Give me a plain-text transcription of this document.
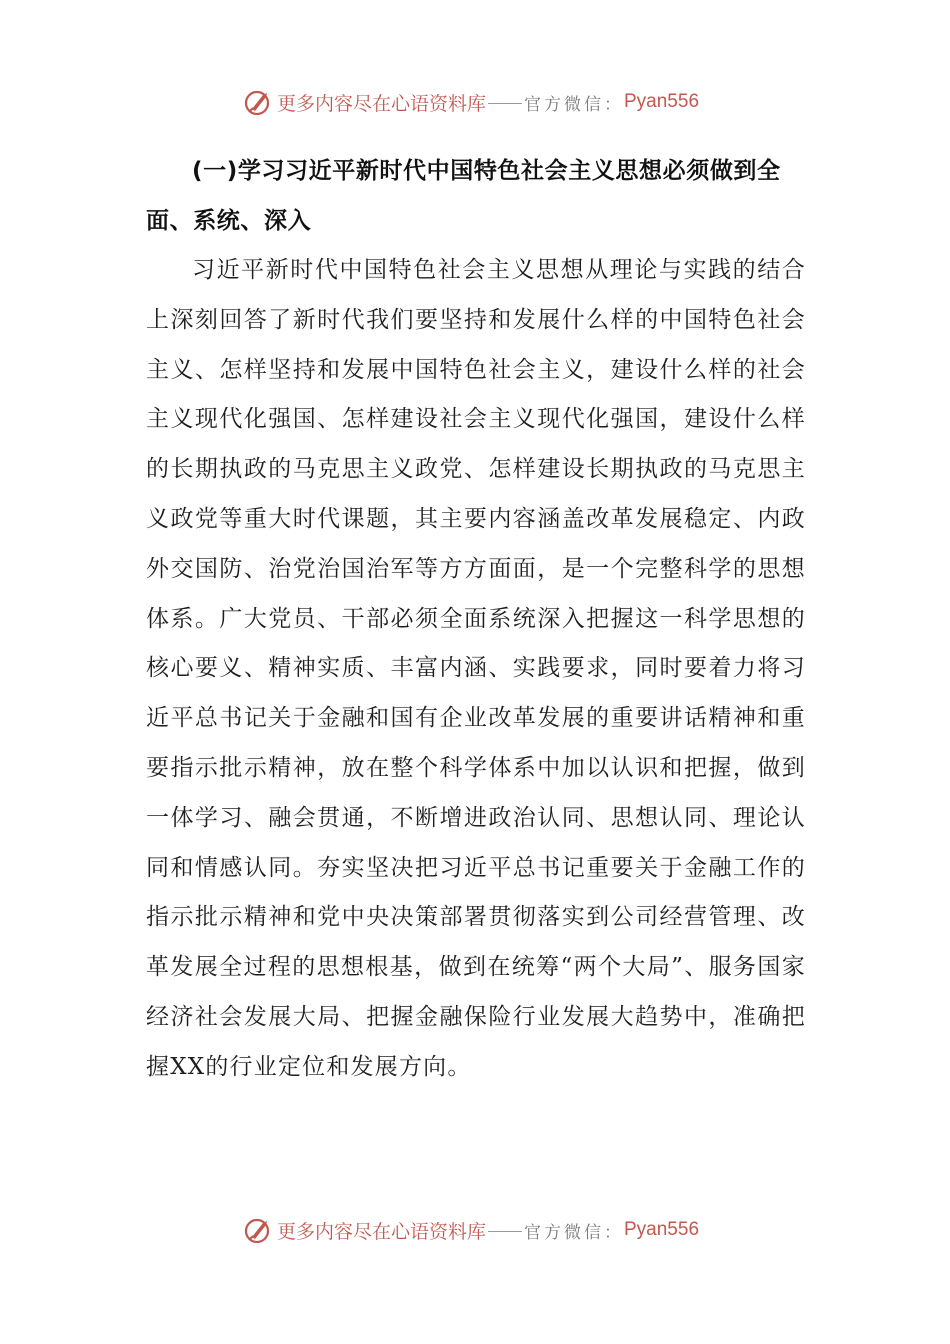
更多内容尽在心语资料库 官方微信： Pyan556

(一)学习习近平新时代中国特色社会主义思想必须做到全面、系统、深入

习近平新时代中国特色社会主义思想从理论与实践的结合上深刻回答了新时代我们要坚持和发展什么样的中国特色社会主义、怎样坚持和发展中国特色社会主义，建设什么样的社会主义现代化强国、怎样建设社会主义现代化强国，建设什么样的长期执政的马克思主义政党、怎样建设长期执政的马克思主义政党等重大时代课题，其主要内容涵盖改革发展稳定、内政外交国防、治党治国治军等方方面面，是一个完整科学的思想体系。广大党员、干部必须全面系统深入把握这一科学思想的核心要义、精神实质、丰富内涵、实践要求，同时要着力将习近平总书记关于金融和国有企业改革发展的重要讲话精神和重要指示批示精神，放在整个科学体系中加以认识和把握，做到一体学习、融会贯通，不断增进政治认同、思想认同、理论认同和情感认同。夯实坚决把习近平总书记重要关于金融工作的指示批示精神和党中央决策部署贯彻落实到公司经营管理、改革发展全过程的思想根基，做到在统筹“两个大局”、服务国家经济社会发展大局、把握金融保险行业发展大趋势中，准确把握XX的行业定位和发展方向。

更多内容尽在心语资料库 官方微信： Pyan556
